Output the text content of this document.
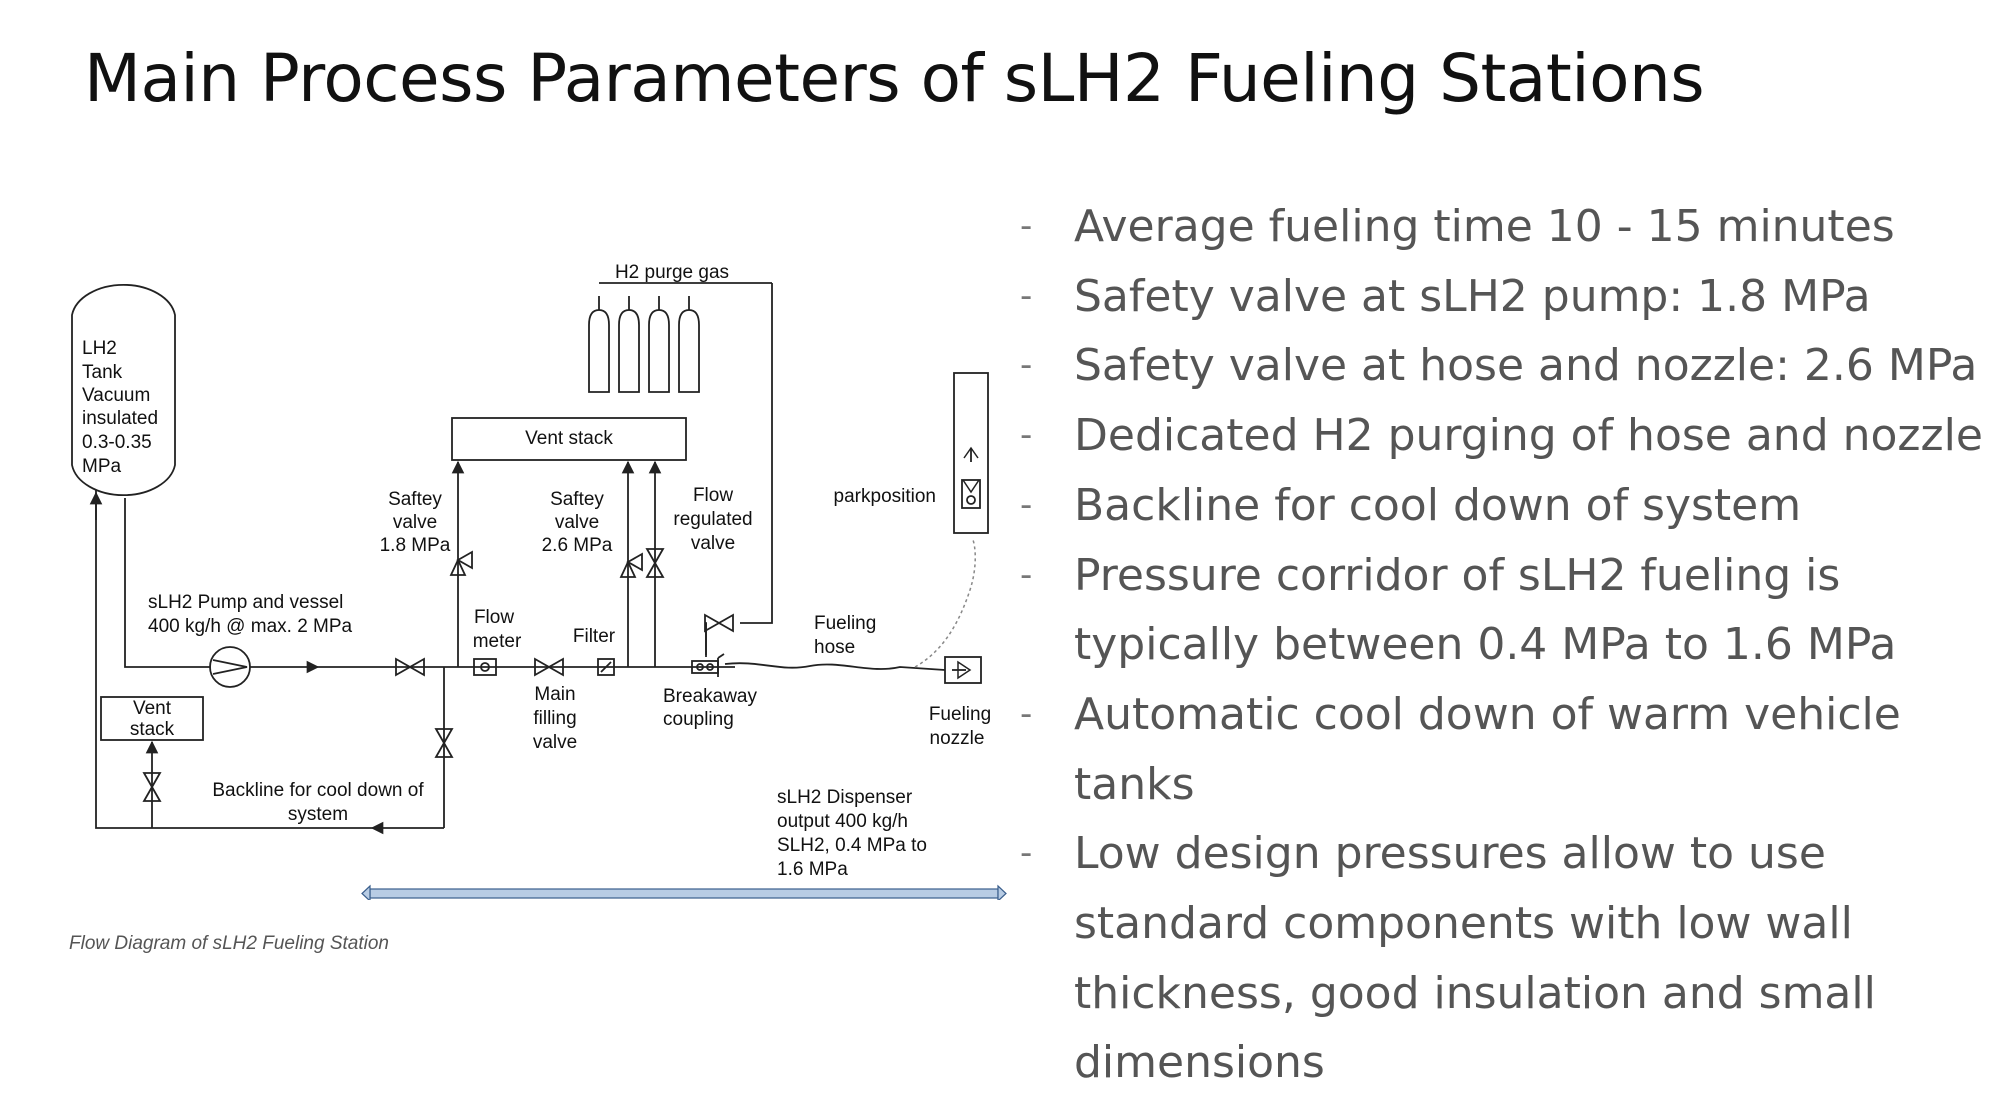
Main Process Parameters of sLH2 Fueling Stations
LH2
Tank
Vacuum
insulated
0.3-0.35
MPa
sLH2 Pump and vessel
400 kg/h @ max. 2 MPa
Saftey
valve
1.8 MPa
Backline for cool down of
system
Vent
stack
Flow
meter
Main
filling
valve
Filter
Saftey
valve
2.6 MPa
Flow
regulated
valve
Vent stack
H2 purge gas
Breakaway
coupling
Fueling
hose
Fueling
nozzle
parkposition
sLH2 Dispenser
output 400 kg/h
SLH2, 0.4 MPa to
1.6 MPa
Flow Diagram of sLH2 Fueling Station
- Average fueling time 10 - 15 minutes
- Safety valve at sLH2 pump: 1.8 MPa
- Safety valve at hose and nozzle: 2.6 MPa
- Dedicated H2 purging of hose and nozzle
- Backline for cool down of system
- Pressure corridor of sLH2 fueling is typically between 0.4 MPa to 1.6 MPa
- Automatic cool down of warm vehicle tanks
- Low design pressures allow to use standard components with low wall thickness, good insulation and small dimensions
